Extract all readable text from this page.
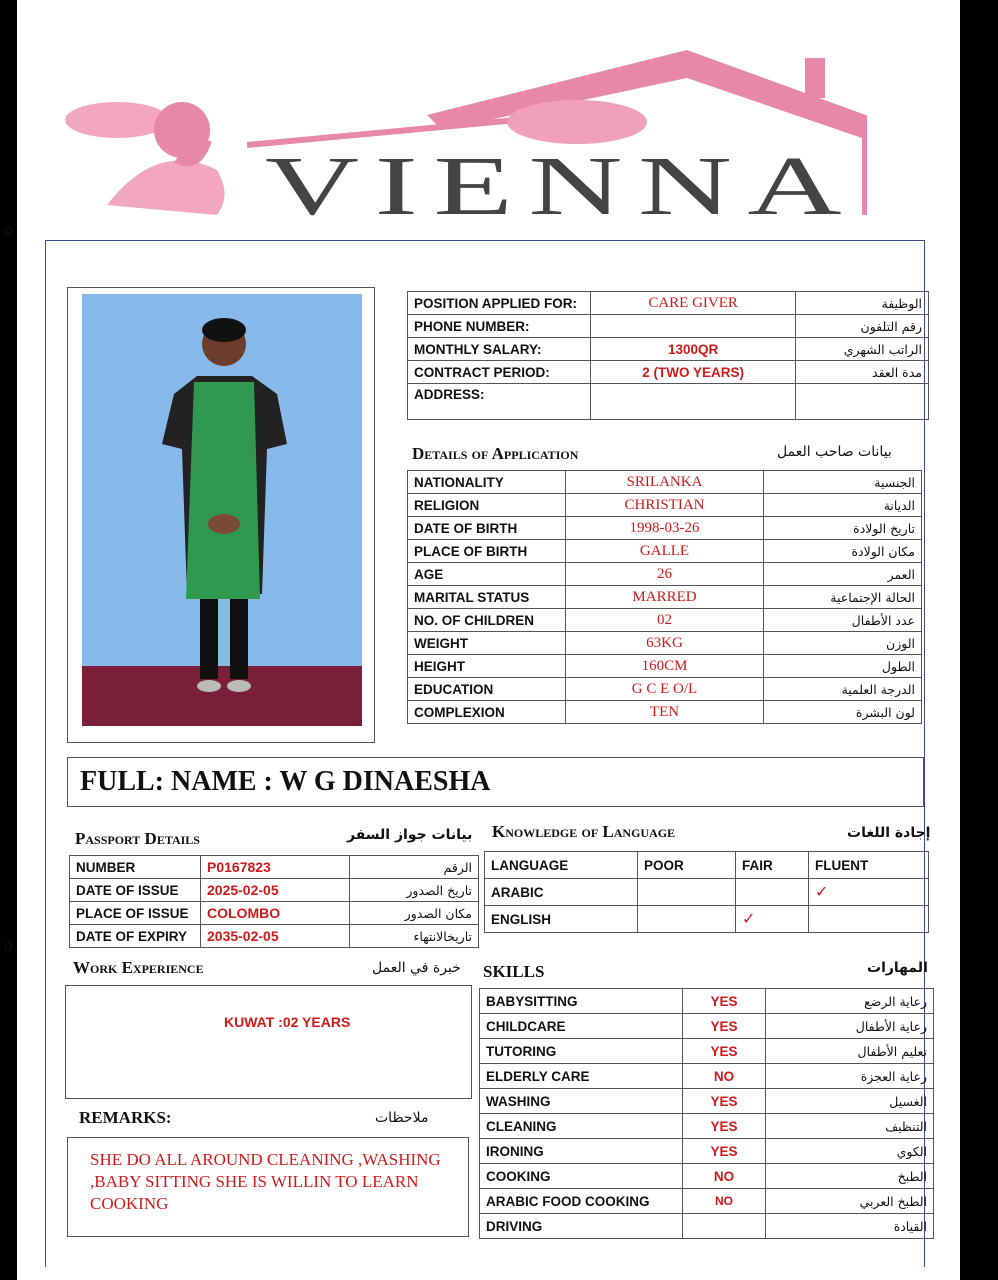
VIENNA
POSITION APPLIED FOR:	CARE GIVER	الوظيفة
PHONE NUMBER:		رقم التلفون
MONTHLY SALARY:	1300QR	الراتب الشهري
CONTRACT PERIOD:	2 (TWO YEARS)	مدة العقد
ADDRESS:		
Details of Application	بيانات صاحب العمل
NATIONALITY	SRILANKA	الجنسية
RELIGION	CHRISTIAN	الديانة
DATE OF BIRTH	1998-03-26	تاريخ الولادة
PLACE OF BIRTH	GALLE	مكان الولادة
AGE	26	العمر
MARITAL STATUS	MARRED	الحالة الإجتماعية
NO. OF CHILDREN	02	عدد الأطفال
WEIGHT	63KG	الوزن
HEIGHT	160CM	الطول
EDUCATION	G C E O/L	الدرجة العلمية
COMPLEXION	TEN	لون البشرة
FULL: NAME : W G DINAESHA
Passport Details	بيانات جواز السفر
NUMBER	P0167823	الرقم
DATE OF ISSUE	2025-02-05	تاريخ الصدور
PLACE OF ISSUE	COLOMBO	مكان الصدور
DATE OF EXPIRY	2035-02-05	تاريخالانتهاء
Knowledge of Language	إجادة اللغات
LANGUAGE	POOR	FAIR	FLUENT
ARABIC			✓
ENGLISH		✓	
Work Experience	خبرة في العمل
KUWAT :02 YEARS
REMARKS:	ملاحظات
SHE DO ALL AROUND CLEANING ,WASHING
,BABY SITTING SHE IS WILLIN TO LEARN
COOKING
SKILLS	المهارات
BABYSITTING	YES	رعاية الرضع
CHILDCARE	YES	رعاية الأطفال
TUTORING	YES	تعليم الأطفال
ELDERLY CARE	NO	رعاية العجزة
WASHING	YES	الغسيل
CLEANING	YES	التنظيف
IRONING	YES	الكوي
COOKING	NO	الطبخ
ARABIC FOOD COOKING	NO	الطبخ العربي
DRIVING		القيادة
o
o
